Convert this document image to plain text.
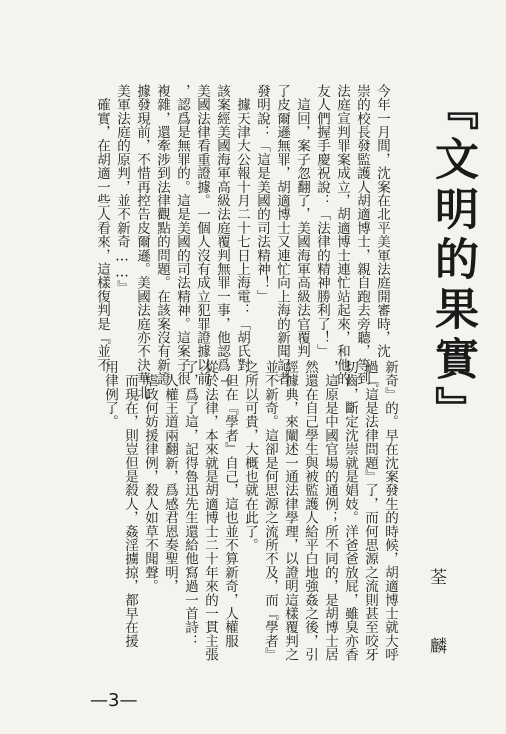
『文明的果實』
今年一月間，沈案在北平美軍法庭開審時，沈
崇的校長發監護人胡適博士，親自跑去旁聽，等到
法庭宣判罪案成立，胡適博士連忙站起來，和他的
友人們握手慶祝說：「法律的精神勝利了！」
　這回，案子忽翻了，美國海軍高級法官覆判
了皮爾遜無罪，胡適博士又連忙向上海的新聞記者
發明說：「這是美國的司法精神！」
　據天津大公報十月二十七日上海電：「胡氏對
該案經美國海軍高級法庭覆判無罪一事，他認爲『
美國法律看重證據。一個人沒有成立犯罪證據以前
，認爲是無罪的。這是美國的司法精神。這案子很
複雜，還牽涉到法律觀點的問題。在該案沒有新證
據發現前，不惜再控告皮爾遜。美國法庭亦不決華北
美軍法庭的原判，並不新奇……』
　確實，在胡適一些人看來，這樣復判是『並不
荃 麟
新奇』的。早在沈案發生的時候，胡適博士就大呼
過『這是法律問題』了，而何思源之流則甚至咬牙
切齒，斷定沈崇就是娼妓。洋爸爸放屁，雖臭亦香
，這原是中國官場的通例；所不同的，是胡博士居
然還在自己學生與被監護人給平白地強姦之後，引
經據典，來闡述一通法律學理，以證明這樣覆判之
並不新奇。這卻是何思源之流所不及，而『學者』
之所以可貴，大概也就在此了。
　但在『學者』自己，這也並不算新奇，人權服
從於法律，本來就是胡適博士二十年來的一貫主張
了，爲了這，記得魯迅先生還給他寫過一首詩：
　人權王道兩翻新，爲感君恩奏聖明，
　虐政何妨援律例，殺人如草不聞聲。
　而現在，則豈但是殺人，姦淫擄掠，都早在援
用律例了。
—3—
